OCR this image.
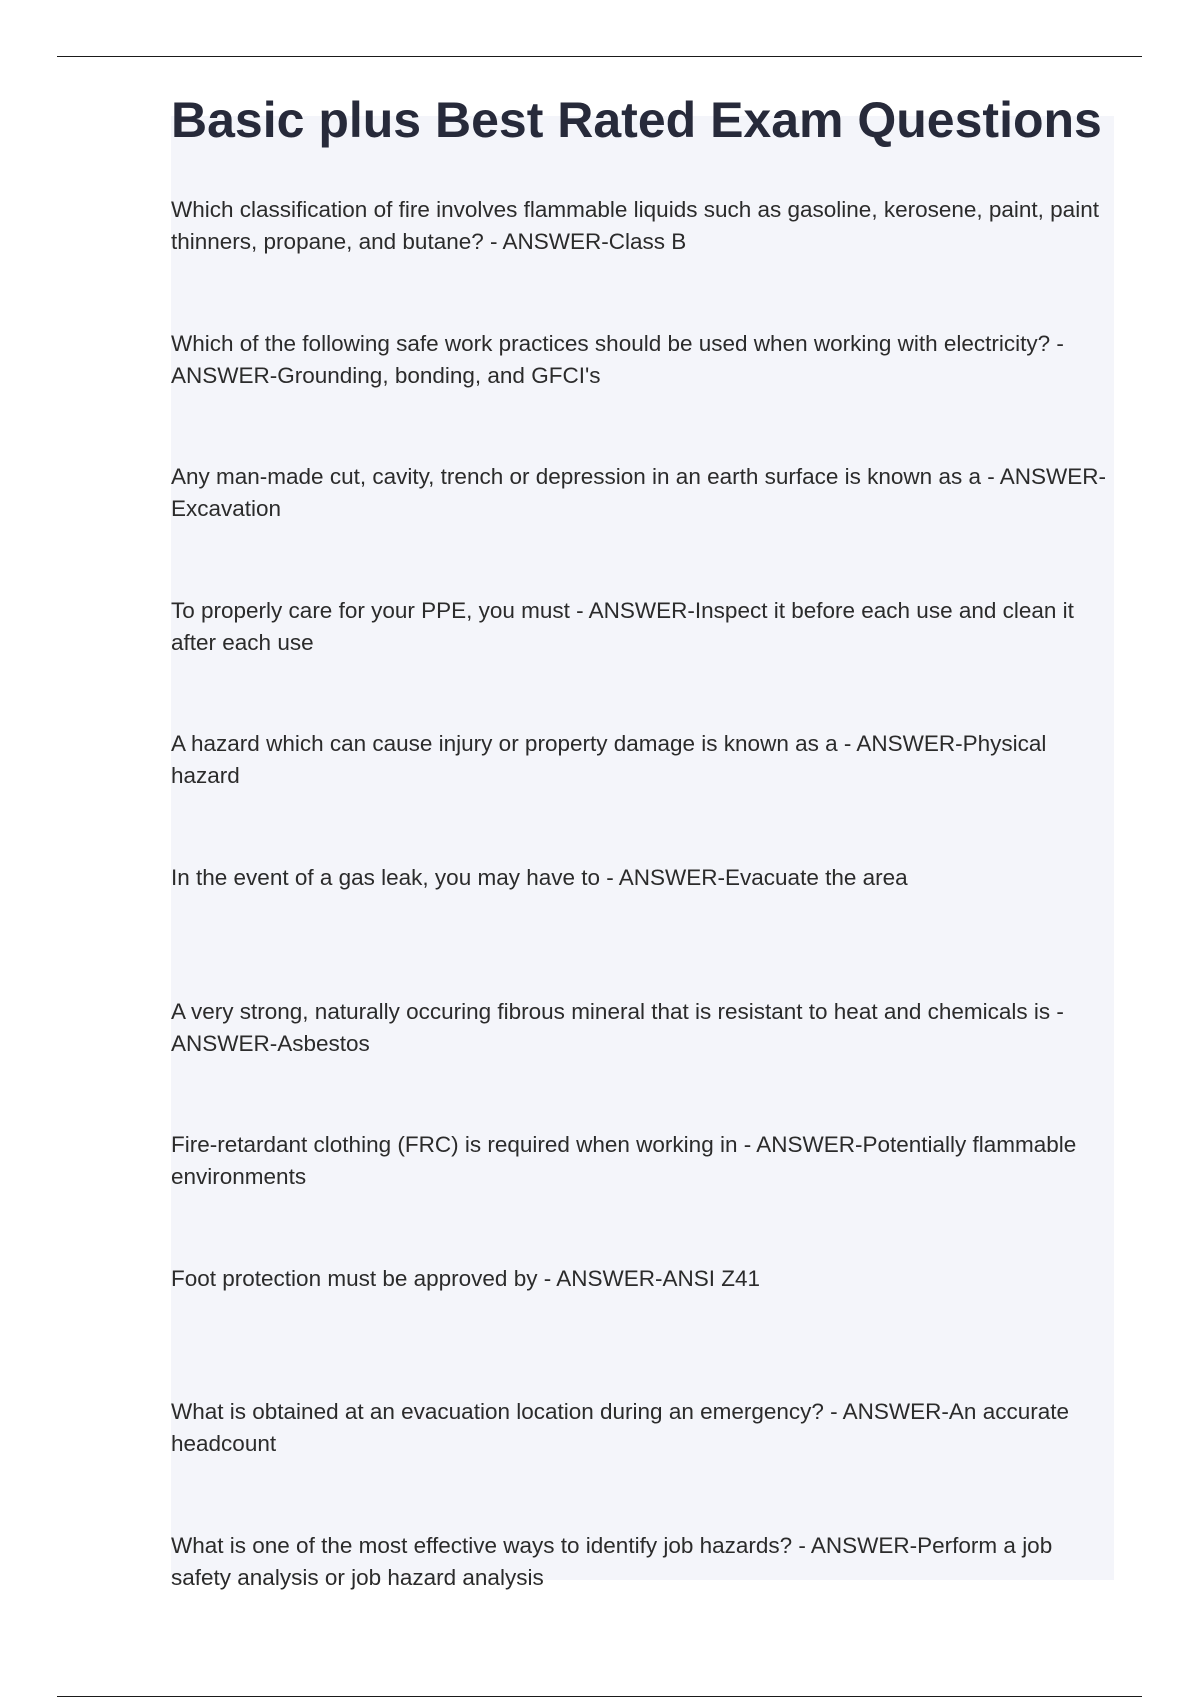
Basic plus Best Rated Exam Questions

Which classification of fire involves flammable liquids such as gasoline, kerosene, paint, paint thinners, propane, and butane? - ANSWER-Class B

Which of the following safe work practices should be used when working with electricity? - ANSWER-Grounding, bonding, and GFCI's

Any man-made cut, cavity, trench or depression in an earth surface is known as a - ANSWER-Excavation

To properly care for your PPE, you must - ANSWER-Inspect it before each use and clean it after each use

A hazard which can cause injury or property damage is known as a - ANSWER-Physical hazard

In the event of a gas leak, you may have to - ANSWER-Evacuate the area

A very strong, naturally occuring fibrous mineral that is resistant to heat and chemicals is - ANSWER-Asbestos

Fire-retardant clothing (FRC) is required when working in - ANSWER-Potentially flammable environments

Foot protection must be approved by - ANSWER-ANSI Z41

What is obtained at an evacuation location during an emergency? - ANSWER-An accurate headcount

What is one of the most effective ways to identify job hazards? - ANSWER-Perform a job safety analysis or job hazard analysis
